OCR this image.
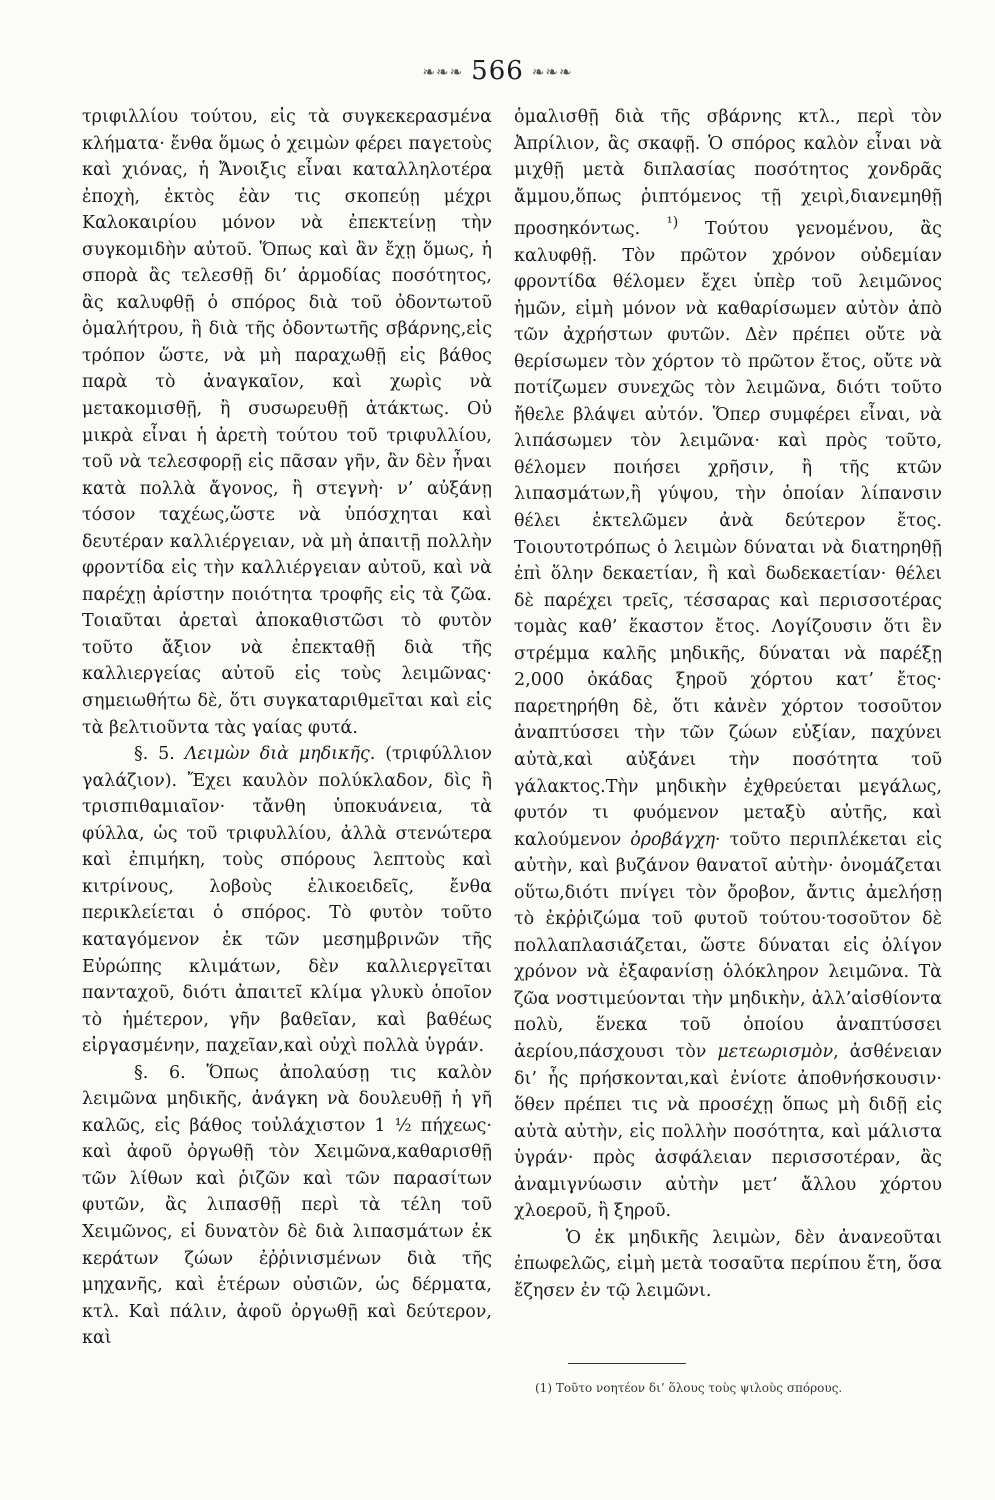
❧❧❧ 566 ❧❧❧

τριφιλλίου τούτου, εἰς τὰ συγκεκερασμένα κλήματα· ἔνθα ὅμως ὁ χειμὼν φέρει παγετοὺς καὶ χιόνας, ἡ Ἄνοιξις εἶναι καταλληλοτέρα ἐποχὴ, ἐκτὸς ἐὰν τις σκοπεύῃ μέχρι Καλοκαιρίου μόνον νὰ ἐπεκτείνῃ τὴν συγκομιδὴν αὐτοῦ. Ὅπως καὶ ἂν ἔχῃ ὅμως, ἡ σπορὰ ἂς τελεσθῇ δι’ ἁρμοδίας ποσότητος, ἂς καλυφθῇ ὁ σπόρος διὰ τοῦ ὀδοντωτοῦ ὁμαλήτρου, ἢ διὰ τῆς ὀδοντωτῆς σβάρνης,εἰς τρόπον ὥστε, νὰ μὴ παραχωθῇ εἰς βάθος παρὰ τὸ ἀναγκαῖον, καὶ χωρὶς νὰ μετακομισθῇ, ἢ συσωρευθῇ ἀτάκτως. Οὐ μικρὰ εἶναι ἡ ἀρετὴ τούτου τοῦ τριφυλλίου, τοῦ νὰ τελεσφορῇ εἰς πᾶσαν γῆν, ἂν δὲν ἦναι κατὰ πολλὰ ἄγονος, ἢ στεγνὴ· ν’ αὐξάνῃ τόσον ταχέως,ὥστε νὰ ὑπόσχηται καὶ δευτέραν καλλιέργειαν, νὰ μὴ ἀπαιτῇ πολλὴν φροντίδα εἰς τὴν καλλιέργειαν αὐτοῦ, καὶ νὰ παρέχῃ ἀρίστην ποιότητα τροφῆς εἰς τὰ ζῶα. Τοιαῦται ἀρεταὶ ἀποκαθιστῶσι τὸ φυτὸν τοῦτο ἄξιον νὰ ἐπεκταθῇ διὰ τῆς καλλιεργείας αὐτοῦ εἰς τοὺς λειμῶνας· σημειωθήτω δὲ, ὅτι συγκαταριθμεῖται καὶ εἰς τὰ βελτιοῦντα τὰς γαίας φυτά.

§. 5. Λειμὼν διὰ μηδικῆς. (τριφύλλιον γαλάζιον). Ἔχει καυλὸν πολύκλαδον, δὶς ἢ τρισπιθαμιαῖον· τἄνθη ὑποκυάνεια, τὰ φύλλα, ὡς τοῦ τριφυλλίου, ἀλλὰ στενώτερα καὶ ἐπιμήκη, τοὺς σπόρους λεπτοὺς καὶ κιτρίνους, λοβοὺς ἑλικοειδεῖς, ἔνθα περικλείεται ὁ σπόρος. Τὸ φυτὸν τοῦτο καταγόμενον ἐκ τῶν μεσημβρινῶν τῆς Εὐρώπης κλιμάτων, δὲν καλλιεργεῖται πανταχοῦ, διότι ἀπαιτεῖ κλίμα γλυκὺ ὁποῖον τὸ ἡμέτερον, γῆν βαθεῖαν, καὶ βαθέως εἰργασμένην, παχεῖαν,καὶ οὐχὶ πολλὰ ὑγράν.

§. 6. Ὅπως ἀπολαύσῃ τις καλὸν λειμῶνα μηδικῆς, ἀνάγκη νὰ δουλευθῇ ἡ γῆ καλῶς, εἰς βάθος τοὐλάχιστον 1 ½ πήχεως· καὶ ἀφοῦ ὀργωθῇ τὸν Χειμῶνα,καθαρισθῇ τῶν λίθων καὶ ῥιζῶν καὶ τῶν παρασίτων φυτῶν, ἂς λιπασθῇ περὶ τὰ τέλη τοῦ Χειμῶνος, εἰ δυνατὸν δὲ διὰ λιπασμάτων ἐκ κεράτων ζώων ἐῤῥινισμένων διὰ τῆς μηχανῆς, καὶ ἑτέρων οὐσιῶν, ὡς δέρματα, κτλ. Καὶ πάλιν, ἀφοῦ ὀργωθῇ καὶ δεύτερον, καὶ

ὁμαλισθῇ διὰ τῆς σβάρνης κτλ., περὶ τὸν Ἀπρίλιον, ἂς σκαφῇ. Ὁ σπόρος καλὸν εἶναι νὰ μιχθῇ μετὰ διπλασίας ποσότητος χονδρᾶς ἄμμου,ὅπως ῥιπτόμενος τῇ χειρὶ,διανεμηθῇ προσηκόντως. $^{^1)}$ Τούτου γενομένου, ἂς καλυφθῇ. Τὸν πρῶτον χρόνον οὐδεμίαν φροντίδα θέλομεν ἔχει ὑπὲρ τοῦ λειμῶνος ἡμῶν, εἰμὴ μόνον νὰ καθαρίσωμεν αὐτὸν ἀπὸ τῶν ἀχρήστων φυτῶν. Δὲν πρέπει οὔτε νὰ θερίσωμεν τὸν χόρτον τὸ πρῶτον ἔτος, οὔτε νὰ ποτίζωμεν συνεχῶς τὸν λειμῶνα, διότι τοῦτο ἤθελε βλάψει αὐτόν. Ὅπερ συμφέρει εἶναι, νὰ λιπάσωμεν τὸν λειμῶνα· καὶ πρὸς τοῦτο, θέλομεν ποιήσει χρῆσιν, ἢ τῆς κτῶν λιπασμάτων,ἢ γύψου, τὴν ὁποίαν λίπανσιν θέλει ἐκτελῶμεν ἀνὰ δεύτερον ἔτος. Τοιουτοτρόπως ὁ λειμὼν δύναται νὰ διατηρηθῇ ἐπὶ ὅλην δεκαετίαν, ἢ καὶ δωδεκαετίαν· θέλει δὲ παρέχει τρεῖς, τέσσαρας καὶ περισσοτέρας τομὰς καθ’ ἕκαστον ἔτος. Λογίζουσιν ὅτι ἓν στρέμμα καλῆς μηδικῆς, δύναται νὰ παρέξῃ 2,000 ὀκάδας ξηροῦ χόρτου κατ’ ἔτος· παρετηρήθη δὲ, ὅτι κἀνὲν χόρτον τοσοῦτον ἀναπτύσσει τὴν τῶν ζώων εὐξίαν, παχύνει αὐτὰ,καὶ αὐξάνει τὴν ποσότητα τοῦ γάλακτος.Τὴν μηδικὴν ἐχθρεύεται μεγάλως, φυτόν τι φυόμενον μεταξὺ αὐτῆς, καὶ καλούμενον ὀροβάγχη· τοῦτο περιπλέκεται εἰς αὐτὴν, καὶ βυζάνον θανατοῖ αὐτὴν· ὀνομάζεται οὕτω,διότι πνίγει τὸν ὄροβον, ἄντις ἀμελήσῃ τὸ ἐκῤῥιζώμα τοῦ φυτοῦ τούτου·τοσοῦτον δὲ πολλαπλασιάζεται, ὥστε δύναται εἰς ὀλίγον χρόνον νὰ ἐξαφανίσῃ ὁλόκληρον λειμῶνα. Τὰ ζῶα νοστιμεύονται τὴν μηδικὴν, ἀλλ’αἰσθίοντα πολὺ, ἕνεκα τοῦ ὁποίου ἀναπτύσσει ἀερίου,πάσχουσι τὸν μετεωρισμὸν, ἀσθένειαν δι’ ἧς πρήσκονται,καὶ ἐνίοτε ἀποθνήσκουσιν· ὅθεν πρέπει τις νὰ προσέχῃ ὅπως μὴ διδῇ εἰς αὐτὰ αὐτὴν, εἰς πολλὴν ποσότητα, καὶ μάλιστα ὑγράν· πρὸς ἀσφάλειαν περισσοτέραν, ἂς ἀναμιγνύωσιν αὐτὴν μετ’ ἄλλου χόρτου χλοεροῦ, ἢ ξηροῦ.

Ὁ ἐκ μηδικῆς λειμὼν, δὲν ἀνανεοῦται ἐπωφελῶς, εἰμὴ μετὰ τοσαῦτα περίπου ἔτη, ὅσα ἔζησεν ἐν τῷ λειμῶνι.

(1) Τοῦτο νοητέον δι’ ὅλους τοὺς ψιλοὺς σπόρους.
